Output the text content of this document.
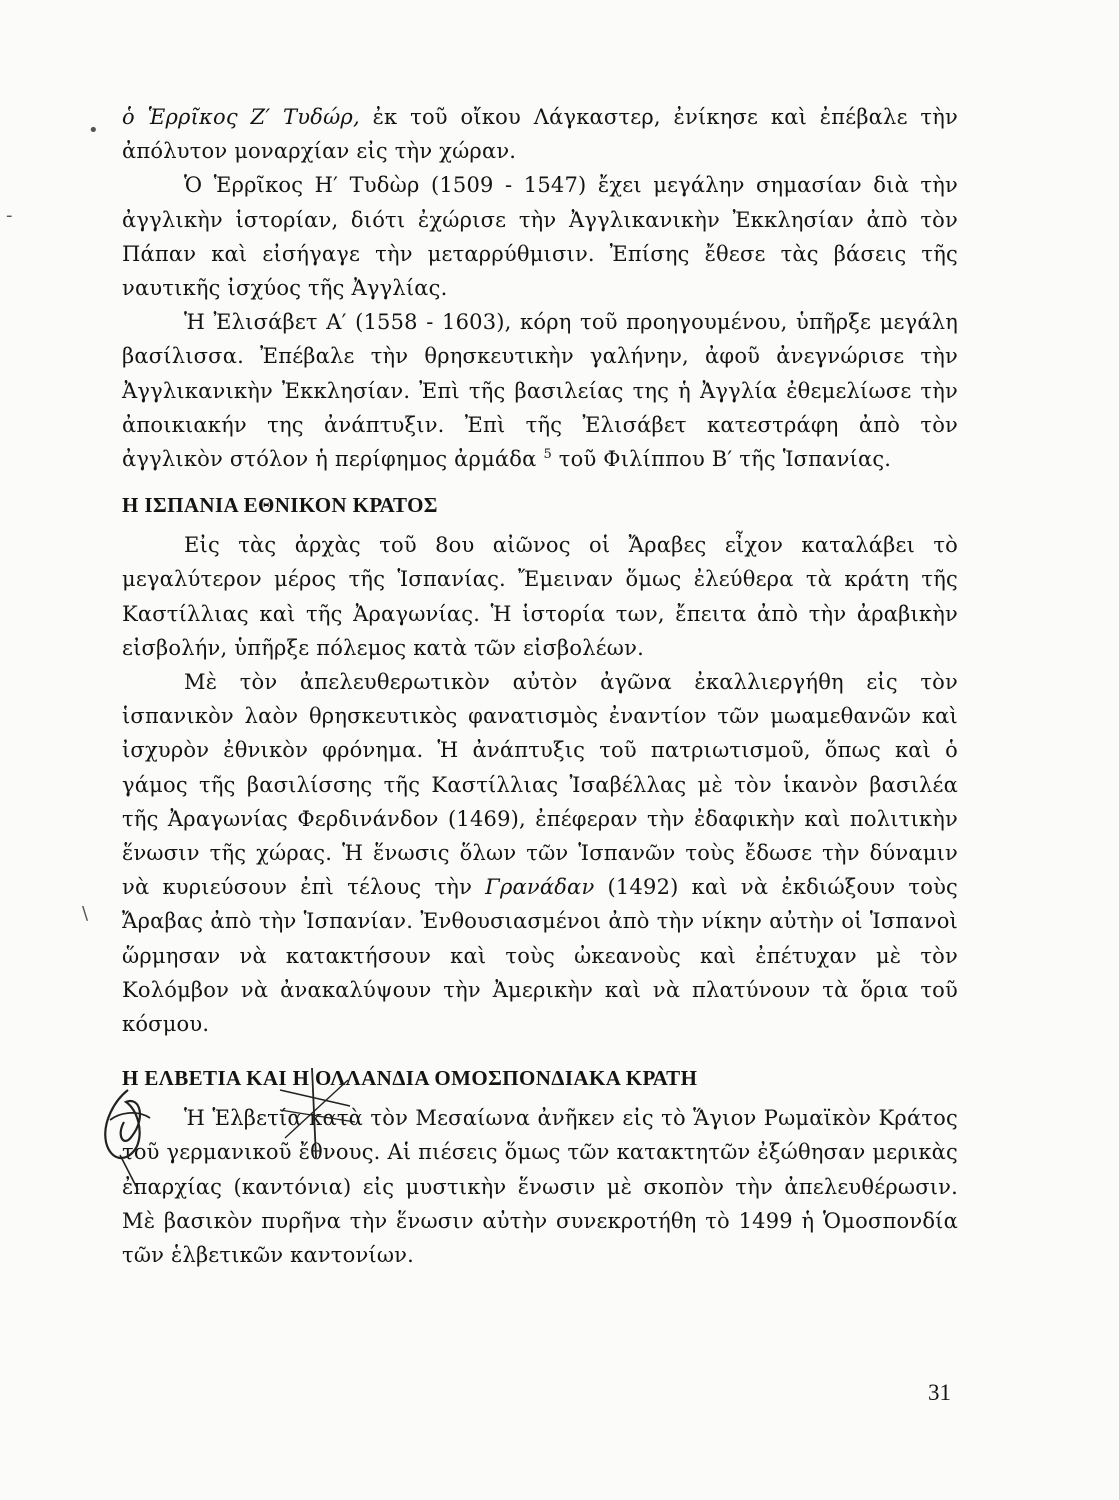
ὁ Ἑρρῖκος Ζ′ Τυδώρ, ἐκ τοῦ οἴκου Λάγκαστερ, ἐνίκησε καὶ ἐπέβαλε τὴν ἀπόλυτον μοναρχίαν εἰς τὴν χώραν.

Ὁ Ἑρρῖκος Η′ Τυδὼρ (1509 - 1547) ἔχει μεγάλην σημασίαν διὰ τὴν ἀγγλικὴν ἱστορίαν, διότι ἐχώρισε τὴν Ἀγγλικανικὴν Ἐκκλησίαν ἀπὸ τὸν Πάπαν καὶ εἰσήγαγε τὴν μεταρρύθμισιν. Ἐπίσης ἔθεσε τὰς βάσεις τῆς ναυτικῆς ἰσχύος τῆς Ἀγγλίας.

Ἡ Ἐλισάβετ Α′ (1558 - 1603), κόρη τοῦ προηγουμένου, ὑπῆρξε μεγάλη βασίλισσα. Ἐπέβαλε τὴν θρησκευτικὴν γαλήνην, ἀφοῦ ἀνεγνώρισε τὴν Ἀγγλικανικὴν Ἐκκλησίαν. Ἐπὶ τῆς βασιλείας της ἡ Ἀγγλία ἐθεμελίωσε τὴν ἀποικιακήν της ἀνάπτυξιν. Ἐπὶ τῆς Ἐλισάβετ κατεστράφη ἀπὸ τὸν ἀγγλικὸν στόλον ἡ περίφημος ἀρμάδα $^5$ τοῦ Φιλίππου Β′ τῆς Ἱσπανίας.

Η ΙΣΠΑΝΙΑ ΕΘΝΙΚΟΝ ΚΡΑΤΟΣ

Εἰς τὰς ἀρχὰς τοῦ 8ου αἰῶνος οἱ Ἄραβες εἶχον καταλάβει τὸ μεγαλύτερον μέρος τῆς Ἱσπανίας. Ἔμειναν ὅμως ἐλεύθερα τὰ κράτη τῆς Καστίλλιας καὶ τῆς Ἀραγωνίας. Ἡ ἱστορία των, ἔπειτα ἀπὸ τὴν ἀραβικὴν εἰσβολήν, ὑπῆρξε πόλεμος κατὰ τῶν εἰσβολέων.

Μὲ τὸν ἀπελευθερωτικὸν αὐτὸν ἀγῶνα ἐκαλλιεργήθη εἰς τὸν ἱσπανικὸν λαὸν θρησκευτικὸς φανατισμὸς ἐναντίον τῶν μωαμεθανῶν καὶ ἰσχυρὸν ἐθνικὸν φρόνημα. Ἡ ἀνάπτυξις τοῦ πατριωτισμοῦ, ὅπως καὶ ὁ γάμος τῆς βασιλίσσης τῆς Καστίλλιας Ἰσαβέλλας μὲ τὸν ἱκανὸν βασιλέα τῆς Ἀραγωνίας Φερδινάνδον (1469), ἐπέφεραν τὴν ἐδαφικὴν καὶ πολιτικὴν ἕνωσιν τῆς χώρας. Ἡ ἕνωσις ὅλων τῶν Ἱσπανῶν τοὺς ἔδωσε τὴν δύναμιν νὰ κυριεύσουν ἐπὶ τέλους τὴν Γρανάδαν (1492) καὶ νὰ ἐκδιώξουν τοὺς Ἄραβας ἀπὸ τὴν Ἱσπανίαν. Ἐνθουσιασμένοι ἀπὸ τὴν νίκην αὐτὴν οἱ Ἱσπανοὶ ὥρμησαν νὰ κατακτήσουν καὶ τοὺς ὠκεανοὺς καὶ ἐπέτυχαν μὲ τὸν Κολόμβον νὰ ἀνακαλύψουν τὴν Ἀμερικὴν καὶ νὰ πλατύνουν τὰ ὅρια τοῦ κόσμου.

Η ΕΛΒΕΤΙΑ ΚΑΙ Η ΟΛΛΑΝΔΙΑ ΟΜΟΣΠΟΝΔΙΑΚΑ ΚΡΑΤΗ

Ἡ Ἑλβετία κατὰ τὸν Μεσαίωνα ἀνῆκεν εἰς τὸ Ἅγιον Ρωμαϊκὸν Κράτος τοῦ γερμανικοῦ ἔθνους. Αἱ πιέσεις ὅμως τῶν κατακτητῶν ἐξώθησαν μερικὰς ἐπαρχίας (καντόνια) εἰς μυστικὴν ἕνωσιν μὲ σκοπὸν τὴν ἀπελευθέρωσιν. Μὲ βασικὸν πυρῆνα τὴν ἕνωσιν αὐτὴν συνεκροτήθη τὸ 1499 ἡ Ὁμοσπονδία τῶν ἑλβετικῶν καντονίων.

31
•
-
\
